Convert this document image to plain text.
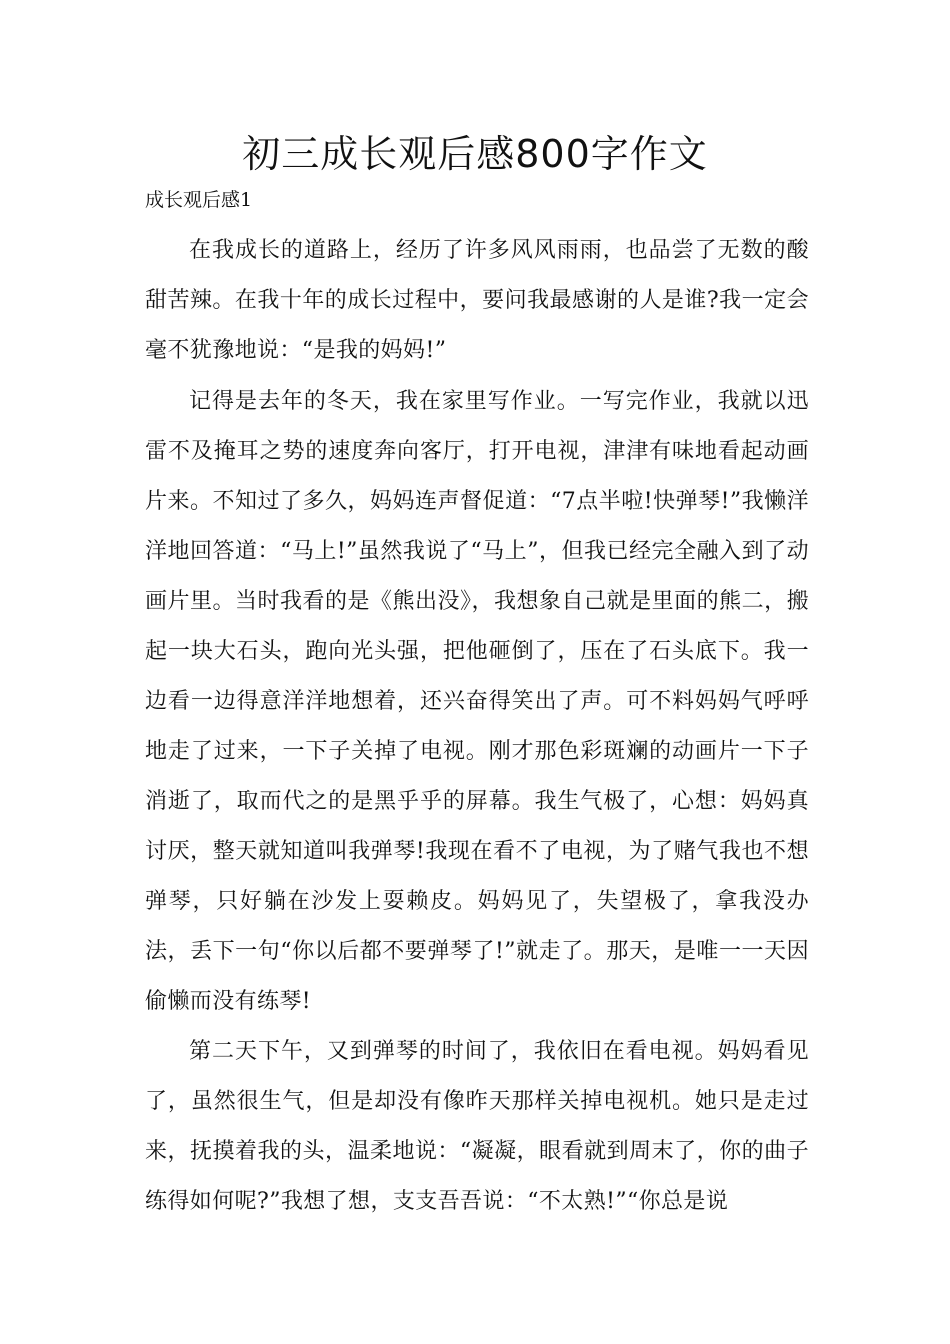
初三成长观后感800字作文

成长观后感1

在我成长的道路上，经历了许多风风雨雨，也品尝了无数的酸甜苦辣。在我十年的成长过程中，要问我最感谢的人是谁?我一定会毫不犹豫地说：“是我的妈妈!”

记得是去年的冬天，我在家里写作业。一写完作业，我就以迅雷不及掩耳之势的速度奔向客厅，打开电视，津津有味地看起动画片来。不知过了多久，妈妈连声督促道：“7点半啦!快弹琴!”我懒洋洋地回答道：“马上!”虽然我说了“马上”，但我已经完全融入到了动画片里。当时我看的是《熊出没》，我想象自己就是里面的熊二，搬起一块大石头，跑向光头强，把他砸倒了，压在了石头底下。我一边看一边得意洋洋地想着，还兴奋得笑出了声。可不料妈妈气呼呼地走了过来，一下子关掉了电视。刚才那色彩斑斓的动画片一下子消逝了，取而代之的是黑乎乎的屏幕。我生气极了，心想：妈妈真讨厌，整天就知道叫我弹琴!我现在看不了电视，为了赌气我也不想弹琴，只好躺在沙发上耍赖皮。妈妈见了，失望极了，拿我没办法，丢下一句“你以后都不要弹琴了!”就走了。那天，是唯一一天因偷懒而没有练琴!

第二天下午，又到弹琴的时间了，我依旧在看电视。妈妈看见了，虽然很生气，但是却没有像昨天那样关掉电视机。她只是走过来，抚摸着我的头，温柔地说：“凝凝，眼看就到周末了，你的曲子练得如何呢?”我想了想，支支吾吾说：“不太熟!”“你总是说
